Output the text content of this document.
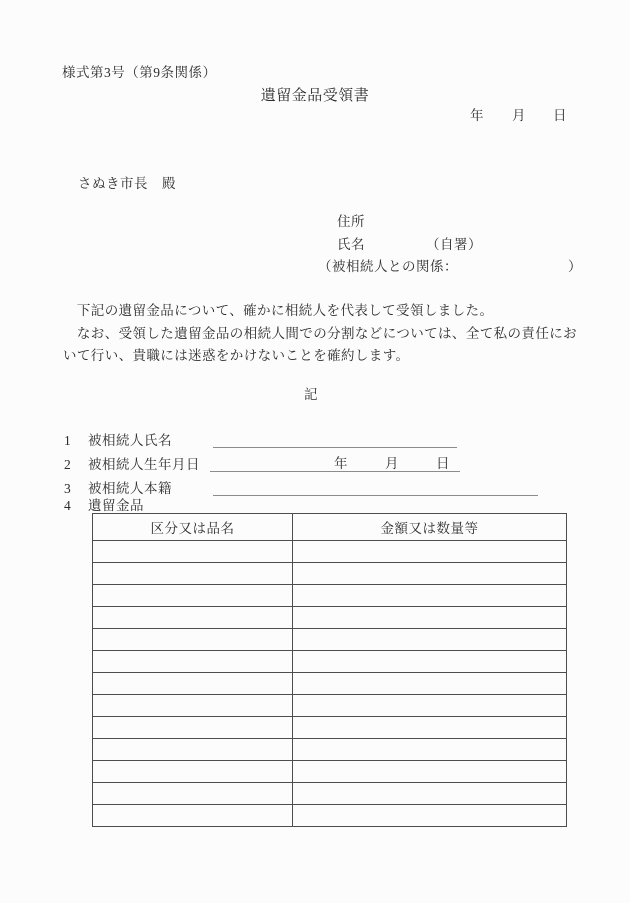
様式第3号（第9条関係）
遺留金品受領書
年 月 日
さぬき市長　殿
住所
氏名	（自署）
（被相続人との関係：	）
　下記の遺留金品について、確かに相続人を代表して受領しました。
　なお、受領した遺留金品の相続人間での分割などについては、全て私の責任にお
いて行い、貴職には迷惑をかけないことを確約します。
記
1 被相続人氏名
2 被相続人生年月日	年	月	日
3 被相続人本籍
4 遺留金品
区分又は品名	金額又は数量等
